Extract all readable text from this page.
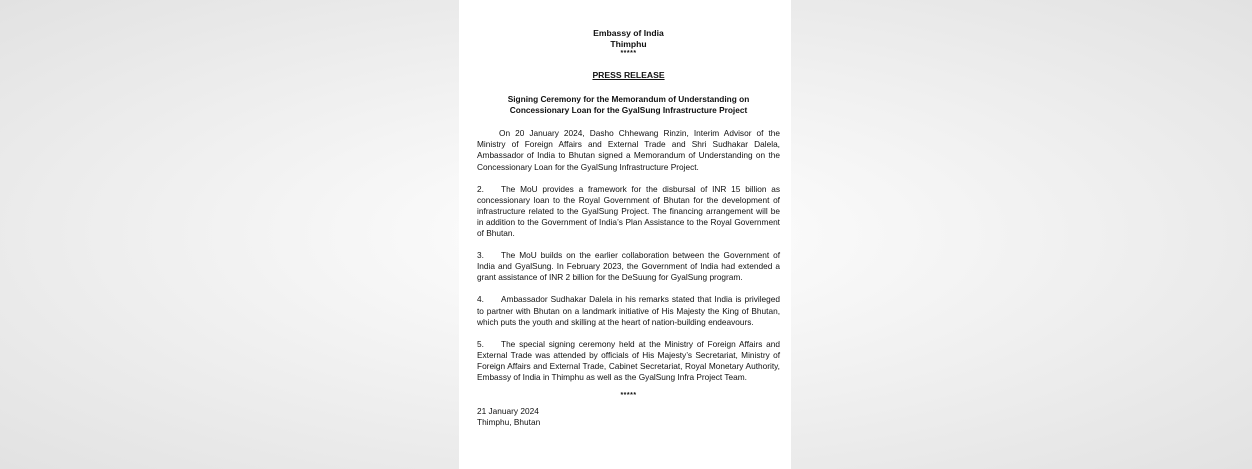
Embassy of India
Thimphu
*****
PRESS RELEASE
Signing Ceremony for the Memorandum of Understanding on
Concessionary Loan for the GyalSung Infrastructure Project
On 20 January 2024, Dasho Chhewang Rinzin, Interim Advisor of the Ministry of Foreign Affairs and External Trade and Shri Sudhakar Dalela, Ambassador of India to Bhutan signed a Memorandum of Understanding on the Concessionary Loan for the GyalSung Infrastructure Project.
2. The MoU provides a framework for the disbursal of INR 15 billion as concessionary loan to the Royal Government of Bhutan for the development of infrastructure related to the GyalSung Project. The financing arrangement will be in addition to the Government of India’s Plan Assistance to the Royal Government of Bhutan.
3. The MoU builds on the earlier collaboration between the Government of India and GyalSung. In February 2023, the Government of India had extended a grant assistance of INR 2 billion for the DeSuung for GyalSung program.
4. Ambassador Sudhakar Dalela in his remarks stated that India is privileged to partner with Bhutan on a landmark initiative of His Majesty the King of Bhutan, which puts the youth and skilling at the heart of nation-building endeavours.
5. The special signing ceremony held at the Ministry of Foreign Affairs and External Trade was attended by officials of His Majesty’s Secretariat, Ministry of Foreign Affairs and External Trade, Cabinet Secretariat, Royal Monetary Authority, Embassy of India in Thimphu as well as the GyalSung Infra Project Team.
*****
21 January 2024
Thimphu, Bhutan
